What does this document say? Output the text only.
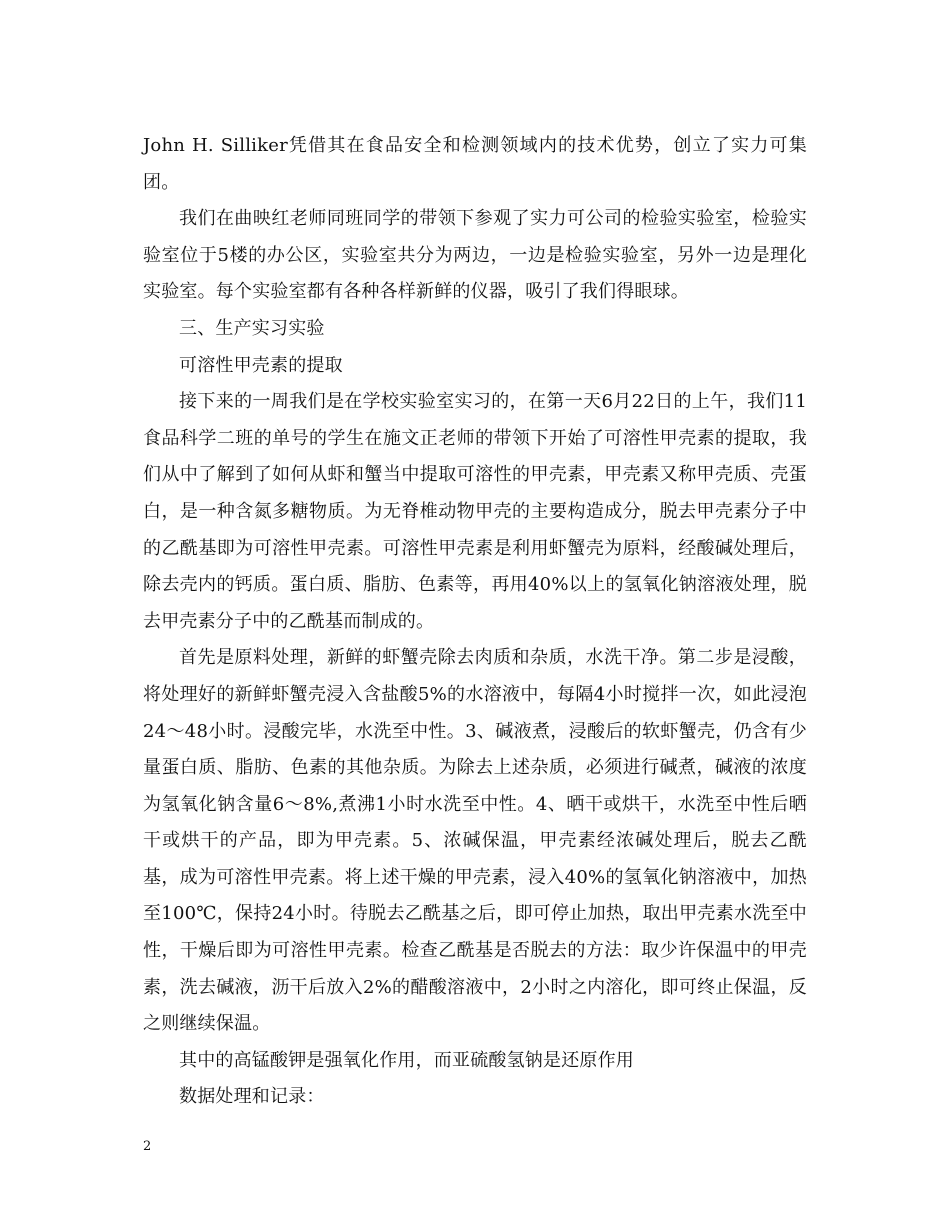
John H. Silliker凭借其在食品安全和检测领域内的技术优势，创立了实力可集团。

我们在曲映红老师同班同学的带领下参观了实力可公司的检验实验室，检验实验室位于5楼的办公区，实验室共分为两边，一边是检验实验室，另外一边是理化实验室。每个实验室都有各种各样新鲜的仪器，吸引了我们得眼球。

三、生产实习实验

可溶性甲壳素的提取

接下来的一周我们是在学校实验室实习的，在第一天6月22日的上午，我们11食品科学二班的单号的学生在施文正老师的带领下开始了可溶性甲壳素的提取，我们从中了解到了如何从虾和蟹当中提取可溶性的甲壳素，甲壳素又称甲壳质、壳蛋白，是一种含氮多糖物质。为无脊椎动物甲壳的主要构造成分，脱去甲壳素分子中的乙酰基即为可溶性甲壳素。可溶性甲壳素是利用虾蟹壳为原料，经酸碱处理后，除去壳内的钙质。蛋白质、脂肪、色素等，再用40%以上的氢氧化钠溶液处理，脱去甲壳素分子中的乙酰基而制成的。

首先是原料处理，新鲜的虾蟹壳除去肉质和杂质，水洗干净。第二步是浸酸，将处理好的新鲜虾蟹壳浸入含盐酸5%的水溶液中，每隔4小时搅拌一次，如此浸泡24～48小时。浸酸完毕，水洗至中性。3、碱液煮，浸酸后的软虾蟹壳，仍含有少量蛋白质、脂肪、色素的其他杂质。为除去上述杂质，必须进行碱煮，碱液的浓度为氢氧化钠含量6～8%,煮沸1小时水洗至中性。4、晒干或烘干，水洗至中性后晒干或烘干的产品，即为甲壳素。5、浓碱保温，甲壳素经浓碱处理后，脱去乙酰基，成为可溶性甲壳素。将上述干燥的甲壳素，浸入40%的氢氧化钠溶液中，加热至100℃，保持24小时。待脱去乙酰基之后，即可停止加热，取出甲壳素水洗至中性，干燥后即为可溶性甲壳素。检查乙酰基是否脱去的方法：取少许保温中的甲壳素，洗去碱液，沥干后放入2%的醋酸溶液中，2小时之内溶化，即可终止保温，反之则继续保温。

其中的高锰酸钾是强氧化作用，而亚硫酸氢钠是还原作用

数据处理和记录：

2
